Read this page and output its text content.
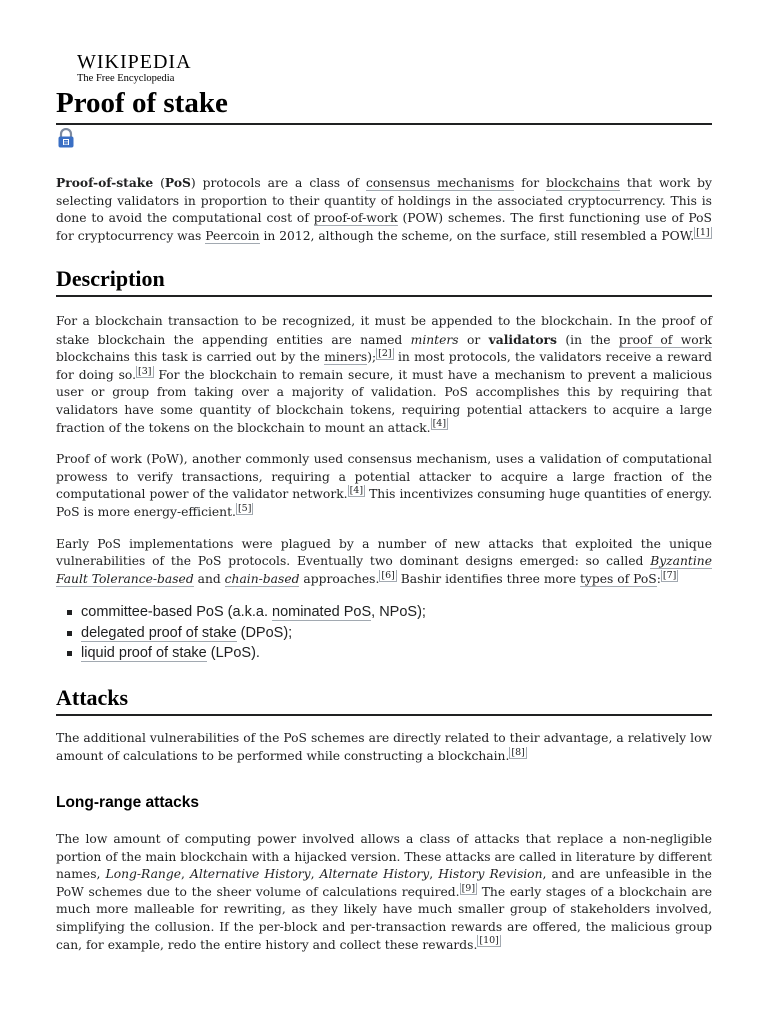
WIKIPEDIA
The Free Encyclopedia
Proof of stake

Proof-of-stake (PoS) protocols are a class of consensus mechanisms for blockchains that work by selecting validators in proportion to their quantity of holdings in the associated cryptocurrency. This is done to avoid the computational cost of proof-of-work (POW) schemes. The first functioning use of PoS for cryptocurrency was Peercoin in 2012, although the scheme, on the surface, still resembled a POW. [1]

Description

For a blockchain transaction to be recognized, it must be appended to the blockchain. In the proof of stake blockchain the appending entities are named minters or validators (in the proof of work blockchains this task is carried out by the miners); [2] in most protocols, the validators receive a reward for doing so. [3] For the blockchain to remain secure, it must have a mechanism to prevent a malicious user or group from taking over a majority of validation. PoS accomplishes this by requiring that validators have some quantity of blockchain tokens, requiring potential attackers to acquire a large fraction of the tokens on the blockchain to mount an attack. [4]

Proof of work (PoW), another commonly used consensus mechanism, uses a validation of computational prowess to verify transactions, requiring a potential attacker to acquire a large fraction of the computational power of the validator network. [4] This incentivizes consuming huge quantities of energy. PoS is more energy-efficient. [5]

Early PoS implementations were plagued by a number of new attacks that exploited the unique vulnerabilities of the PoS protocols. Eventually two dominant designs emerged: so called Byzantine Fault Tolerance-based and chain-based approaches. [6] Bashir identifies three more types of PoS: [7]

committee-based PoS (a.k.a. nominated PoS, NPoS);
delegated proof of stake (DPoS);
liquid proof of stake (LPoS).
Attacks

The additional vulnerabilities of the PoS schemes are directly related to their advantage, a relatively low amount of calculations to be performed while constructing a blockchain. [8]

Long-range attacks

The low amount of computing power involved allows a class of attacks that replace a non-negligible portion of the main blockchain with a hijacked version. These attacks are called in literature by different names, Long-Range, Alternative History, Alternate History, History Revision, and are unfeasible in the PoW schemes due to the sheer volume of calculations required. [9] The early stages of a blockchain are much more malleable for rewriting, as they likely have much smaller group of stakeholders involved, simplifying the collusion. If the per-block and per-transaction rewards are offered, the malicious group can, for example, redo the entire history and collect these rewards. [10]
